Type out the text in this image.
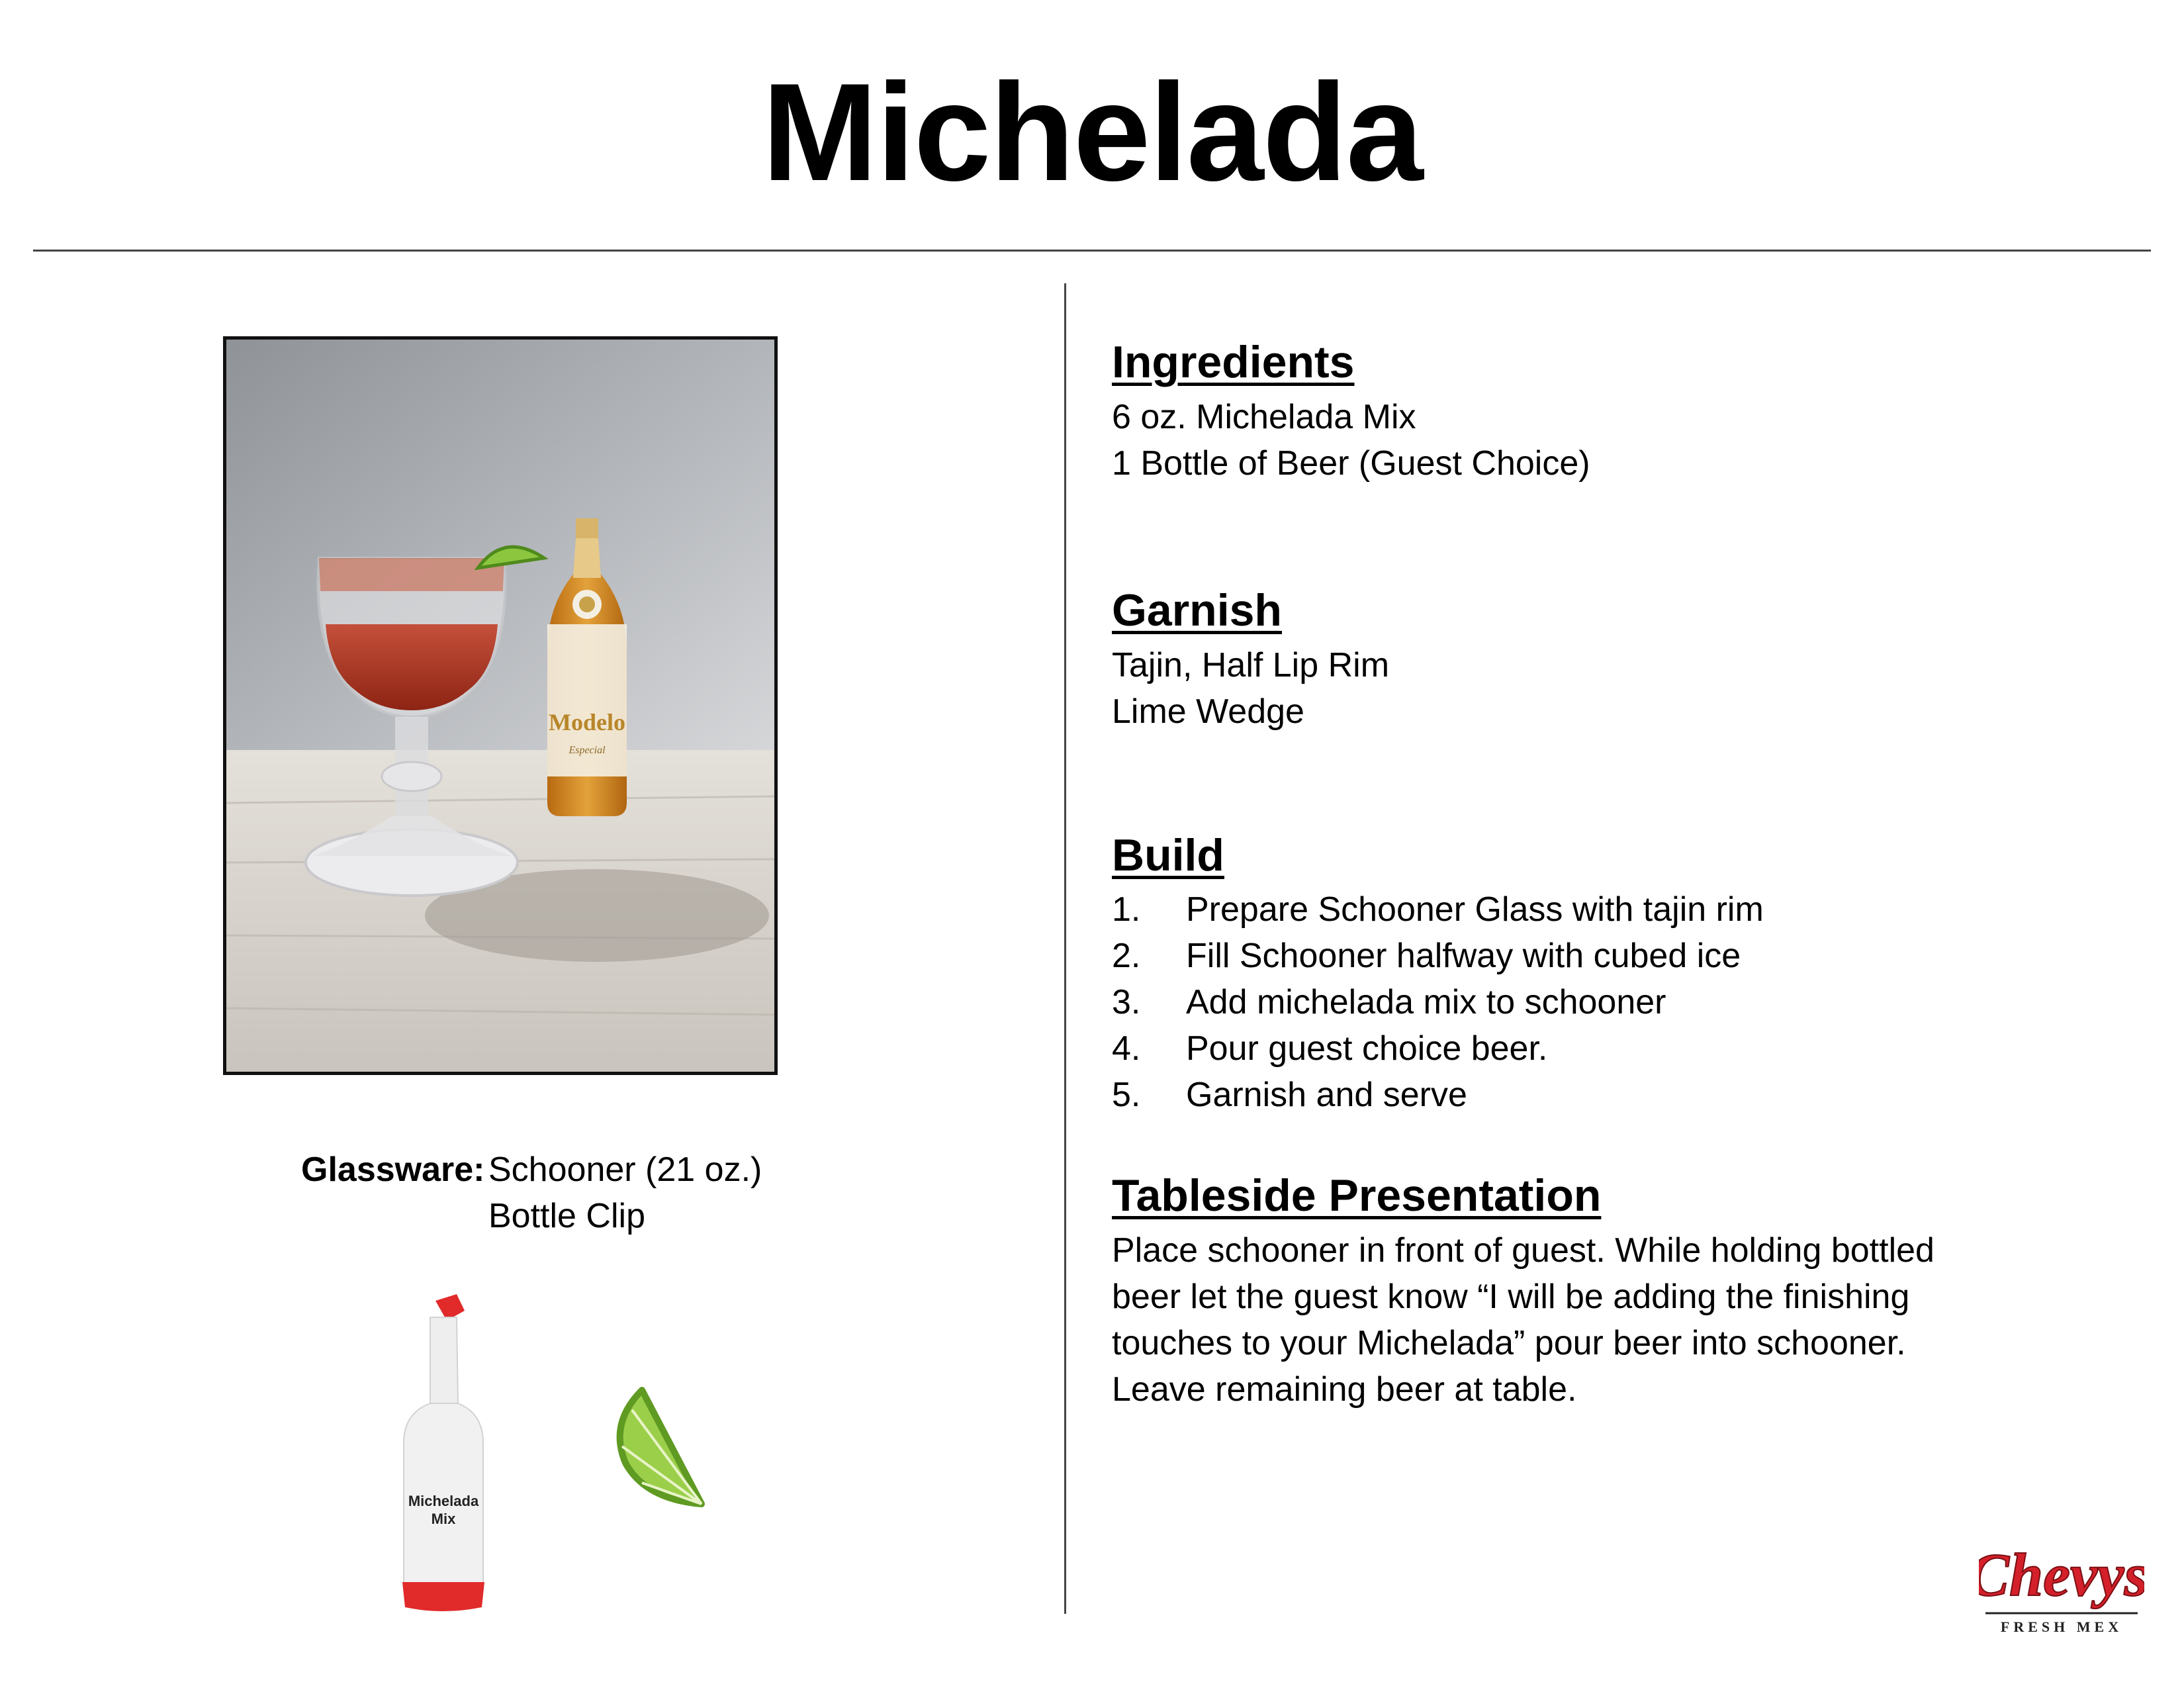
Michelada
Modelo
Especial
Glassware: Schooner (21 oz.)
Bottle Clip
Michelada
Mix
Ingredients
6 oz. Michelada Mix
1 Bottle of Beer (Guest Choice)
Garnish
Tajin, Half Lip Rim
Lime Wedge
Build
1.	Prepare Schooner Glass with tajin rim
2.	Fill Schooner halfway with cubed ice
3.	Add michelada mix to schooner
4.	Pour guest choice beer.
5.	Garnish and serve
Tableside Presentation
Place schooner in front of guest. While holding bottled
beer let the guest know “I will be adding the finishing
touches to your Michelada” pour beer into schooner.
Leave remaining beer at table.
Chevys
FRESH MEX
